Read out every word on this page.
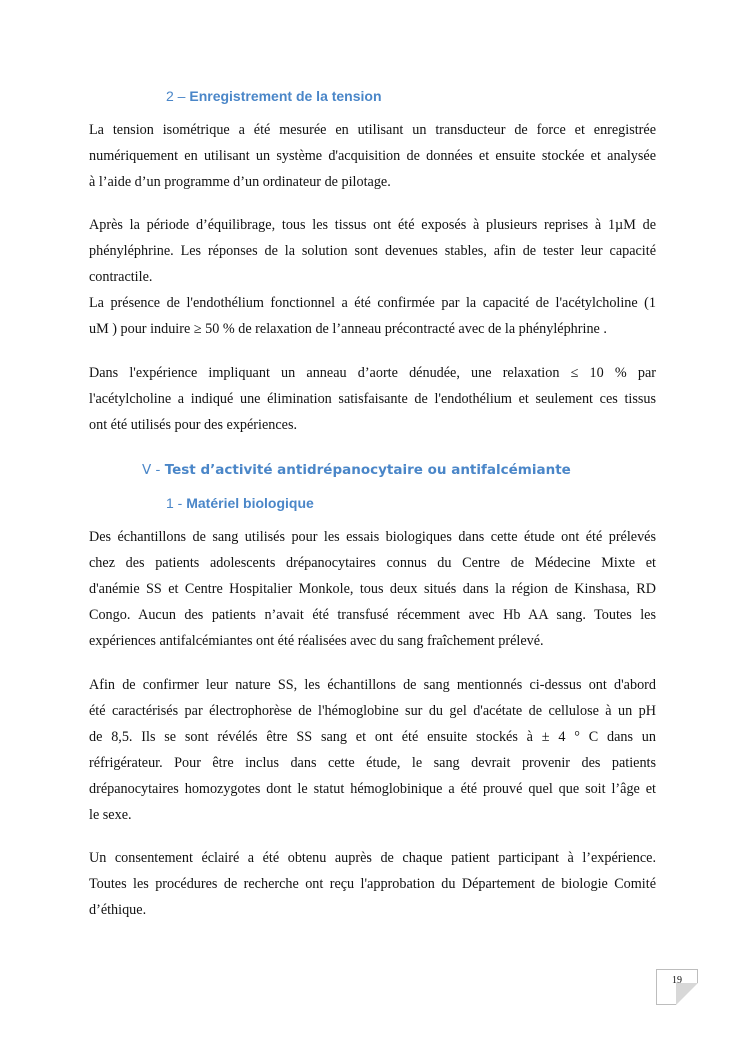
2 – Enregistrement de la tension

La tension isométrique a été mesurée en utilisant un transducteur de force et enregistrée
numériquement en utilisant un système d'acquisition de données et ensuite stockée et analysée
à l’aide d’un programme d’un ordinateur de pilotage.

Après la période d’équilibrage, tous les tissus ont été exposés à plusieurs reprises à 1µM de
phényléphrine. Les réponses de la solution sont devenues stables, afin de tester leur capacité
contractile.
La présence de l'endothélium fonctionnel a été confirmée par la capacité de l'acétylcholine (1
uM ) pour induire ≥ 50 % de relaxation de l’anneau précontracté avec de la phényléphrine .

Dans l'expérience impliquant un anneau d’aorte dénudée, une relaxation ≤ 10 % par
l'acétylcholine a indiqué une élimination satisfaisante de l'endothélium et seulement ces tissus
ont été utilisés pour des expériences.

V - Test d’activité antidrépanocytaire ou antifalcémiante
1 - Matériel biologique

Des échantillons de sang utilisés pour les essais biologiques dans cette étude ont été prélevés
chez des patients adolescents drépanocytaires connus du Centre de Médecine Mixte et
d'anémie SS et Centre Hospitalier Monkole, tous deux situés dans la région de Kinshasa, RD
Congo. Aucun des patients n’avait été transfusé récemment avec Hb AA sang. Toutes les
expériences antifalcémiantes ont été réalisées avec du sang fraîchement prélevé.

Afin de confirmer leur nature SS, les échantillons de sang mentionnés ci-dessus ont d'abord
été caractérisés par électrophorèse de l'hémoglobine sur du gel d'acétate de cellulose à un pH
de 8,5. Ils se sont révélés être SS sang et ont été ensuite stockés à ± 4 ° C dans un
réfrigérateur. Pour être inclus dans cette étude, le sang devrait provenir des patients
drépanocytaires homozygotes dont le statut hémoglobinique a été prouvé quel que soit l’âge et
le sexe.

Un consentement éclairé a été obtenu auprès de chaque patient participant à l’expérience.
Toutes les procédures de recherche ont reçu l'approbation du Département de biologie Comité
d’éthique.

19
